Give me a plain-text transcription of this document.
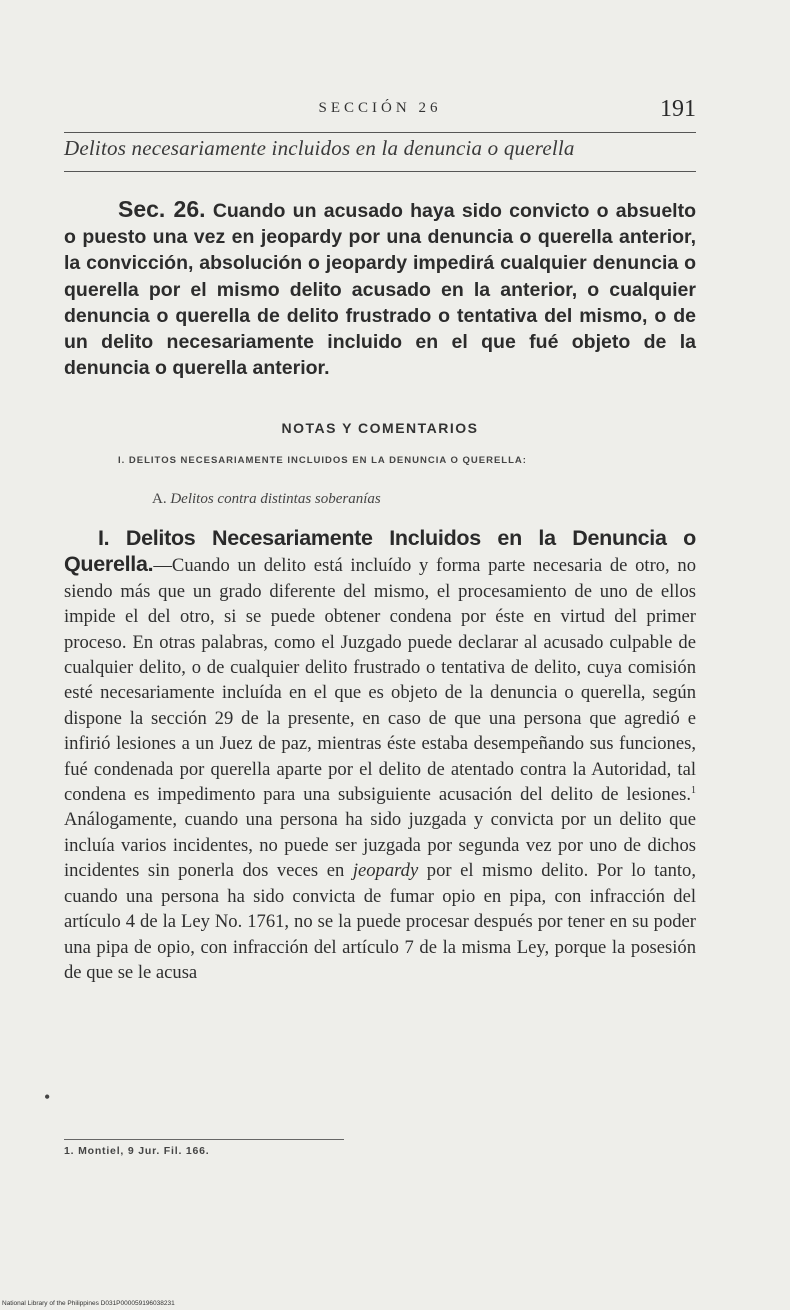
SECCIÓN 26	191
Delitos necesariamente incluidos en la denuncia o querella
Sec. 26. Cuando un acusado haya sido convicto o absuelto o puesto una vez en jeopardy por una denuncia o querella anterior, la convicción, absolución o jeopardy impedirá cualquier denuncia o querella por el mismo delito acusado en la anterior, o cualquier denuncia o querella de delito frustrado o tentativa del mismo, o de un delito necesariamente incluido en el que fué objeto de la denuncia o querella anterior.
NOTAS Y COMENTARIOS
I. DELITOS NECESARIAMENTE INCLUIDOS EN LA DENUNCIA O QUERELLA:
A. Delitos contra distintas soberanías
I. Delitos Necesariamente Incluidos en la Denuncia o Querella.—Cuando un delito está incluído y forma parte necesaria de otro, no siendo más que un grado diferente del mismo, el procesamiento de uno de ellos impide el del otro, si se puede obtener condena por éste en virtud del primer proceso. En otras palabras, como el Juzgado puede declarar al acusado culpable de cualquier delito, o de cualquier delito frustrado o tentativa de delito, cuya comisión esté necesariamente incluída en el que es objeto de la denuncia o querella, según dispone la sección 29 de la presente, en caso de que una persona que agredió e infirió lesiones a un Juez de paz, mientras éste estaba desempeñando sus funciones, fué condenada por querella aparte por el delito de atentado contra la Autoridad, tal condena es impedimento para una subsiguiente acusación del delito de lesiones.$^1$ Análogamente, cuando una persona ha sido juzgada y convicta por un delito que incluía varios incidentes, no puede ser juzgada por segunda vez por uno de dichos incidentes sin ponerla dos veces en jeopardy por el mismo delito. Por lo tanto, cuando una persona ha sido convicta de fumar opio en pipa, con infracción del artículo 4 de la Ley No. 1761, no se la puede procesar después por tener en su poder una pipa de opio, con infracción del artículo 7 de la misma Ley, porque la posesión de que se le acusa
•
1. Montiel, 9 Jur. Fil. 166.
National Library of the Philippines D031P000059196038231
